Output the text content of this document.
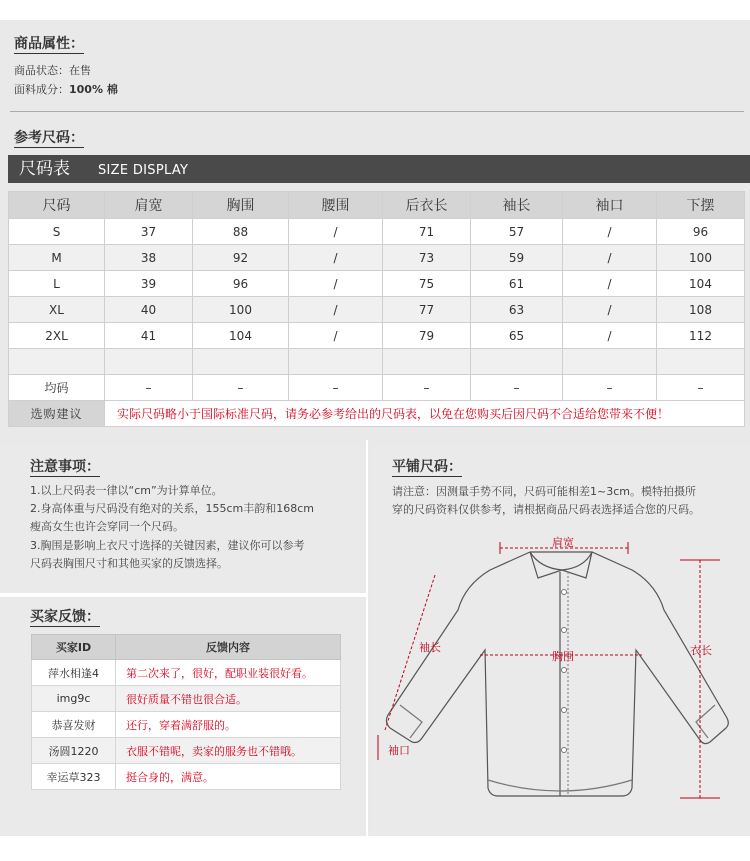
商品属性：
商品状态：在售
面料成分：100% 棉
参考尺码：
尺码表 SIZE DISPLAY
尺码	肩宽	胸围	腰围	后衣长	袖长	袖口	下摆
S	37	88	/	71	57	/	96
M	38	92	/	73	59	/	100
L	39	96	/	75	61	/	104
XL	40	100	/	77	63	/	108
2XL	41	104	/	79	65	/	112

均码	–	–	–	–	–	–	–
选购建议	实际尺码略小于国际标准尺码，请务必参考给出的尺码表，以免在您购买后因尺码不合适给您带来不便！						
注意事项：
1.以上尺码表一律以“cm”为计算单位。
2.身高体重与尺码没有绝对的关系，155cm丰韵和168cm
瘦高女生也许会穿同一个尺码。
3.胸围是影响上衣尺寸选择的关键因素，建议你可以参考
尺码表胸围尺寸和其他买家的反馈选择。
买家反馈：
买家ID	反馈内容
萍水相逢4	第二次来了，很好，配职业装很好看。
img9c	很好质量不错也很合适。
恭喜发财	还行，穿着满舒服的。
汤圆1220	衣服不错呢，卖家的服务也不错哦。
幸运草323	挺合身的，满意。
平铺尺码：
请注意：因测量手势不同，尺码可能相差1~3cm。模特拍摄所
穿的尺码资料仅供参考，请根据商品尺码表选择适合您的尺码。
肩宽
袖长
胸围	衣长
袖口
